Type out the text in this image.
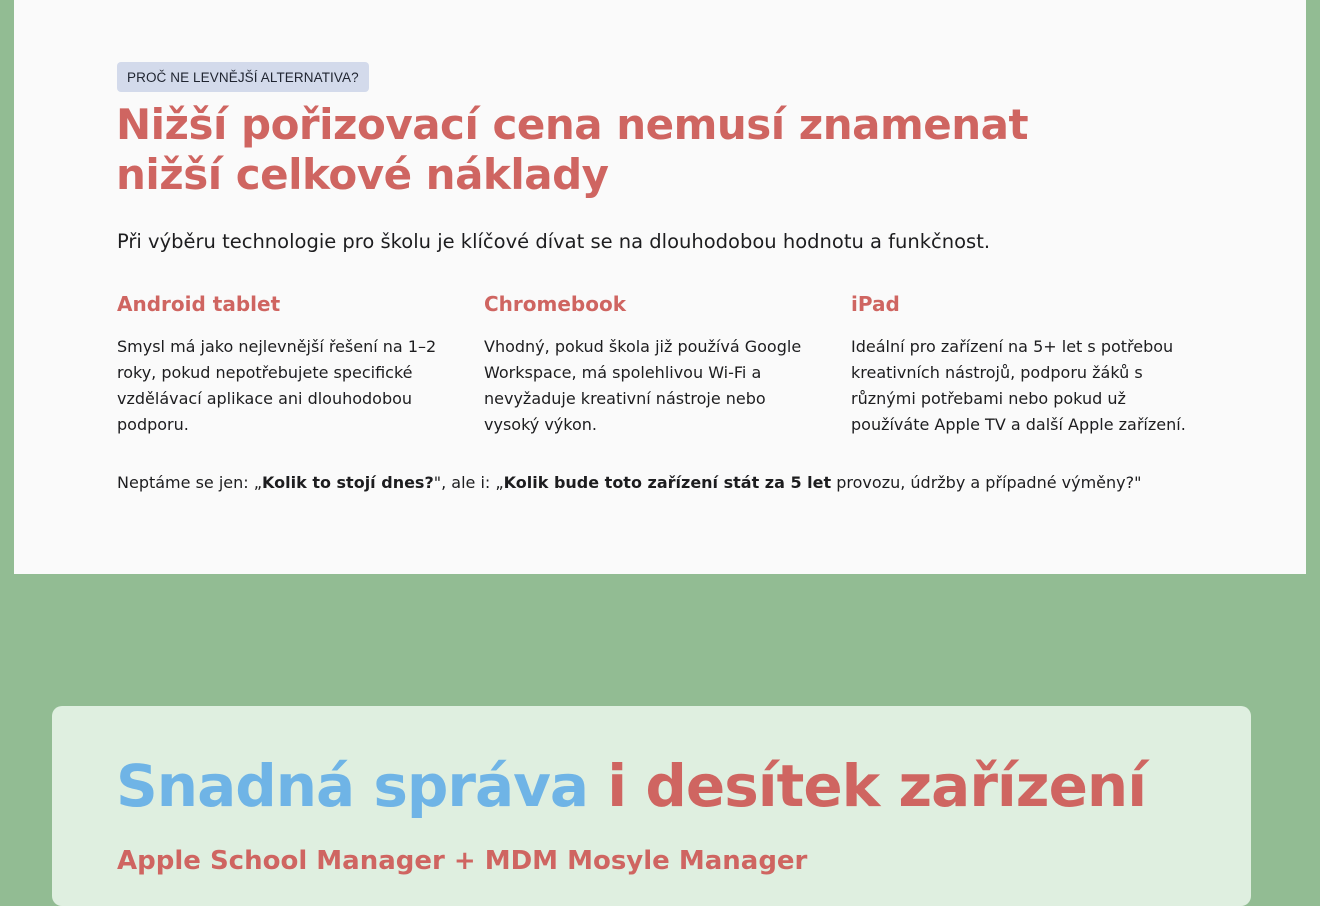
PROČ NE LEVNĚJŠÍ ALTERNATIVA?
Nižší pořizovací cena nemusí znamenat nižší celkové náklady

Při výběru technologie pro školu je klíčové dívat se na dlouhodobou hodnotu a funkčnost.

Android tablet

Smysl má jako nejlevnější řešení na 1–2 roky, pokud nepotřebujete specifické vzdělávací aplikace ani dlouhodobou podporu.

Chromebook

Vhodný, pokud škola již používá Google Workspace, má spolehlivou Wi-Fi a nevyžaduje kreativní nástroje nebo vysoký výkon.

iPad

Ideální pro zařízení na 5+ let s potřebou kreativních nástrojů, podporu žáků s různými potřebami nebo pokud už používáte Apple TV a další Apple zařízení.

Neptáme se jen: „Kolik to stojí dnes?", ale i: „Kolik bude toto zařízení stát za 5 let provozu, údržby a případné výměny?"

Snadná správa i desítek zařízení
Apple School Manager + MDM Mosyle Manager
